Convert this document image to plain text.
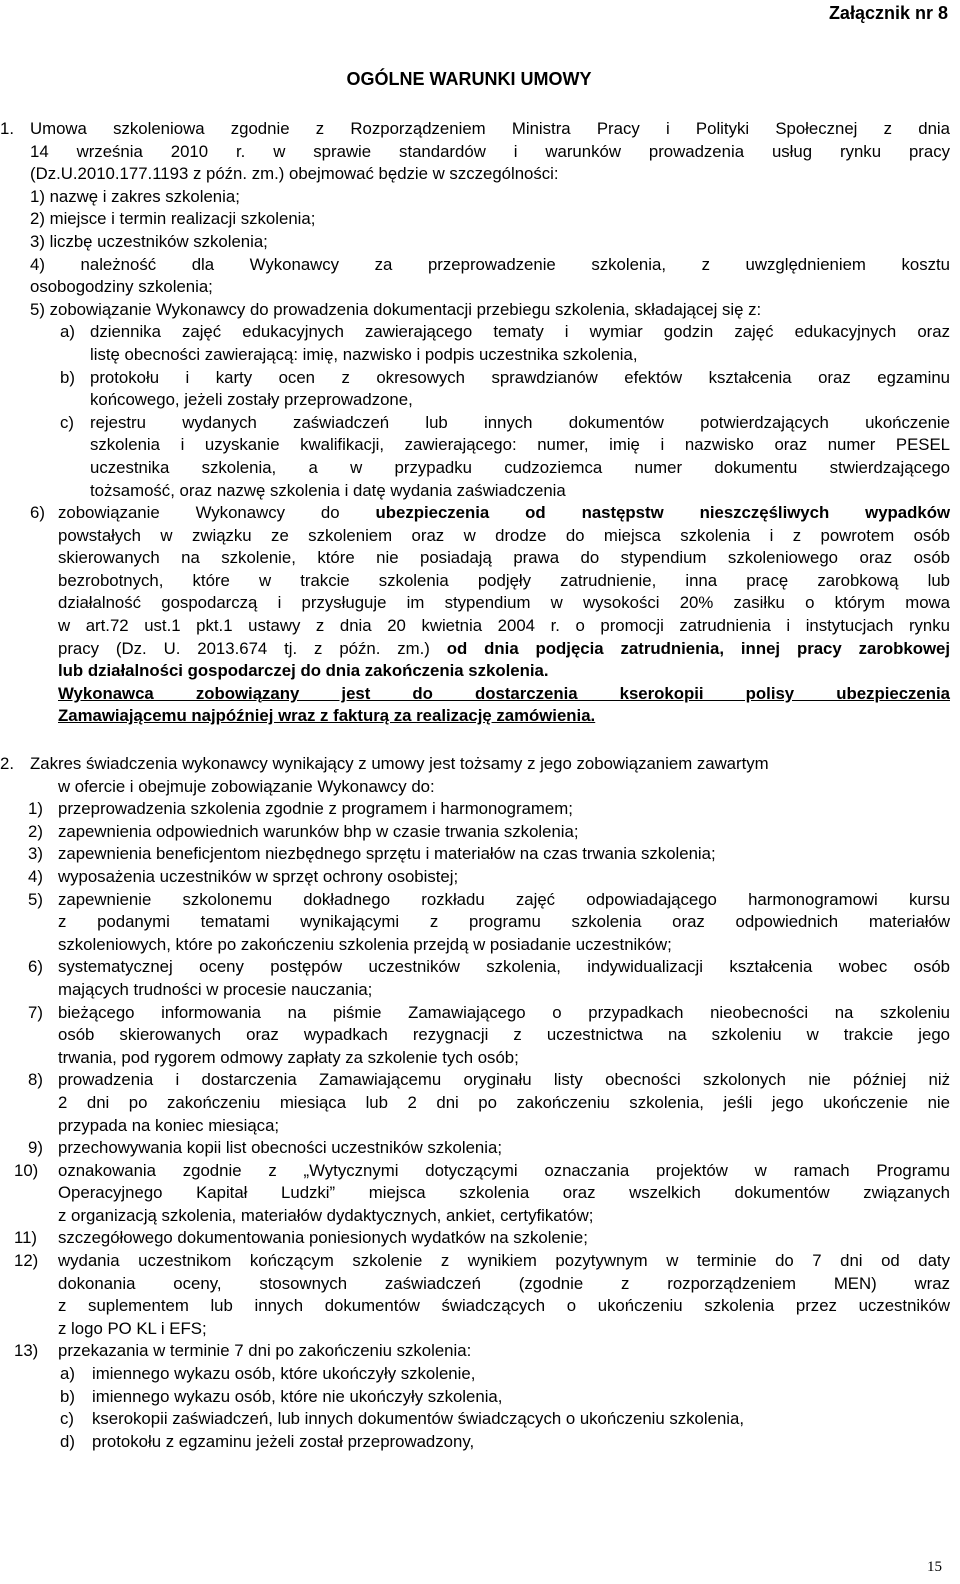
Załącznik nr 8
OGÓLNE WARUNKI UMOWY
1. Umowa szkoleniowa zgodnie z Rozporządzeniem Ministra Pracy i Polityki Społecznej z dnia
14 września 2010 r. w sprawie standardów i warunków prowadzenia usług rynku pracy
(Dz.U.2010.177.1193 z późn. zm.) obejmować będzie w szczególności:
1) nazwę i zakres szkolenia;
2) miejsce i termin realizacji szkolenia;
3) liczbę uczestników szkolenia;
4) należność dla Wykonawcy za przeprowadzenie szkolenia, z uwzględnieniem kosztu
osobogodziny szkolenia;
5) zobowiązanie Wykonawcy do prowadzenia dokumentacji przebiegu szkolenia, składającej się z:
a) dziennika zajęć edukacyjnych zawierającego tematy i wymiar godzin zajęć edukacyjnych oraz
listę obecności zawierającą: imię, nazwisko i podpis uczestnika szkolenia,
b) protokołu i karty ocen z okresowych sprawdzianów efektów kształcenia oraz egzaminu
końcowego, jeżeli zostały przeprowadzone,
c) rejestru wydanych zaświadczeń lub innych dokumentów potwierdzających ukończenie
szkolenia i uzyskanie kwalifikacji, zawierającego: numer, imię i nazwisko oraz numer PESEL
uczestnika szkolenia, a w przypadku cudzoziemca numer dokumentu stwierdzającego
tożsamość, oraz nazwę szkolenia i datę wydania zaświadczenia
6) zobowiązanie Wykonawcy do ubezpieczenia od następstw nieszczęśliwych wypadków
powstałych w związku ze szkoleniem oraz w drodze do miejsca szkolenia i z powrotem osób
skierowanych na szkolenie, które nie posiadają prawa do stypendium szkoleniowego oraz osób
bezrobotnych, które w trakcie szkolenia podjęły zatrudnienie, inna pracę zarobkową lub
działalność gospodarczą i przysługuje im stypendium w wysokości 20% zasiłku o którym mowa
w art.72 ust.1 pkt.1 ustawy z dnia 20 kwietnia 2004 r. o promocji zatrudnienia i instytucjach rynku
pracy (Dz. U. 2013.674 tj. z późn. zm.) od dnia podjęcia zatrudnienia, innej pracy zarobkowej
lub działalności gospodarczej do dnia zakończenia szkolenia.
Wykonawca zobowiązany jest do dostarczenia kserokopii polisy ubezpieczenia
Zamawiającemu najpóźniej wraz z fakturą za realizację zamówienia.
2. Zakres świadczenia wykonawcy wynikający z umowy jest tożsamy z jego zobowiązaniem zawartym
w ofercie i obejmuje zobowiązanie Wykonawcy do:
1) przeprowadzenia szkolenia zgodnie z programem i harmonogramem;
2) zapewnienia odpowiednich warunków bhp w czasie trwania szkolenia;
3) zapewnienia beneficjentom niezbędnego sprzętu i materiałów na czas trwania szkolenia;
4) wyposażenia uczestników w sprzęt ochrony osobistej;
5) zapewnienie szkolonemu dokładnego rozkładu zajęć odpowiadającego harmonogramowi kursu
z podanymi tematami wynikającymi z programu szkolenia oraz odpowiednich materiałów
szkoleniowych, które po zakończeniu szkolenia przejdą w posiadanie uczestników;
6) systematycznej oceny postępów uczestników szkolenia, indywidualizacji kształcenia wobec osób
mających trudności w procesie nauczania;
7) bieżącego informowania na piśmie Zamawiającego o przypadkach nieobecności na szkoleniu
osób skierowanych oraz wypadkach rezygnacji z uczestnictwa na szkoleniu w trakcie jego
trwania, pod rygorem odmowy zapłaty za szkolenie tych osób;
8) prowadzenia i dostarczenia Zamawiającemu oryginału listy obecności szkolonych nie później niż
2 dni po zakończeniu miesiąca lub 2 dni po zakończeniu szkolenia, jeśli jego ukończenie nie
przypada na koniec miesiąca;
9) przechowywania kopii list obecności uczestników szkolenia;
10) oznakowania zgodnie z „Wytycznymi dotyczącymi oznaczania projektów w ramach Programu
Operacyjnego Kapitał Ludzki” miejsca szkolenia oraz wszelkich dokumentów związanych
z organizacją szkolenia, materiałów dydaktycznych, ankiet, certyfikatów;
11) szczegółowego dokumentowania poniesionych wydatków na szkolenie;
12) wydania uczestnikom kończącym szkolenie z wynikiem pozytywnym w terminie do 7 dni od daty
dokonania oceny, stosownych zaświadczeń (zgodnie z rozporządzeniem MEN) wraz
z suplementem lub innych dokumentów świadczących o ukończeniu szkolenia przez uczestników
z logo PO KL i EFS;
13) przekazania w terminie 7 dni po zakończeniu szkolenia:
a) imiennego wykazu osób, które ukończyły szkolenie,
b) imiennego wykazu osób, które nie ukończyły szkolenia,
c) kserokopii zaświadczeń, lub innych dokumentów świadczących o ukończeniu szkolenia,
d) protokołu z egzaminu jeżeli został przeprowadzony,
15
